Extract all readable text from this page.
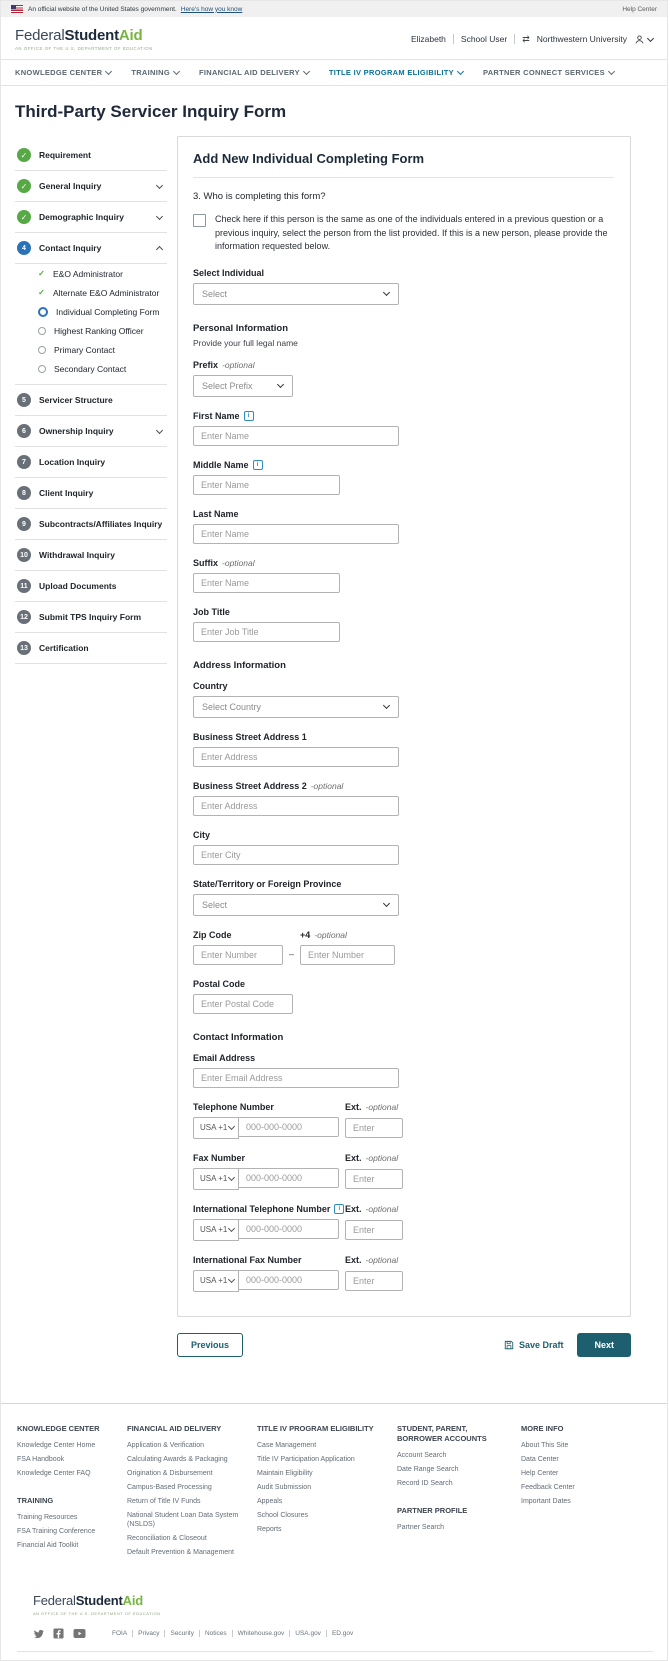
An official website of the United States government. Here's how you know	Help Center
FederalStudentAid
AN OFFICE OF THE U.S. DEPARTMENT OF EDUCATION
Elizabeth School User ⇄ Northwestern University
KNOWLEDGE CENTER	TRAINING	FINANCIAL AID DELIVERY	TITLE IV PROGRAM ELIGIBILITY	PARTNER CONNECT SERVICES
Third-Party Servicer Inquiry Form
✓ Requirement
✓ General Inquiry
✓ Demographic Inquiry
4	Contact Inquiry
✓ E&O Administrator
✓ Alternate E&O Administrator
Individual Completing Form
Highest Ranking Officer
Primary Contact
Secondary Contact
5	Servicer Structure
6	Ownership Inquiry
7	Location Inquiry
8	Client Inquiry
9	Subcontracts/Affiliates Inquiry
10	Withdrawal Inquiry
11	Upload Documents
12	Submit TPS Inquiry Form
13	Certification
Add New Individual Completing Form
3. Who is completing this form?
Check here if this person is the same as one of the individuals entered in a previous question or a previous inquiry, select the person from the list provided. If this is a new person, please provide the information requested below.
Select Individual
Select
Personal Information
Provide your full legal name
Prefix -optional
Select Prefix
First Name	i
Enter Name
Middle Name	i
Enter Name
Last Name
Enter Name
Suffix -optional
Enter Name
Job Title
Enter Job Title
Address Information
Country
Select Country
Business Street Address 1
Enter Address
Business Street Address 2 -optional
Enter Address
City
Enter City
State/Territory or Foreign Province
Select
Zip Code
Enter Number
–
+4 -optional
Enter Number
Postal Code
Enter Postal Code
Contact Information
Email Address
Enter Email Address
Telephone Number	Ext. -optional
USA +1
000-000-0000
Enter
Fax Number	Ext. -optional
USA +1
000-000-0000
Enter
International Telephone Number	i Ext. -optional
USA +1
000-000-0000
Enter
International Fax Number	Ext. -optional
USA +1
000-000-0000
Enter
Previous	Save Draft	Next
KNOWLEDGE CENTER
Knowledge Center Home
FSA Handbook
Knowledge Center FAQ
TRAINING
Training Resources
FSA Training Conference
Financial Aid Toolkit
FINANCIAL AID DELIVERY
Application & Verification
Calculating Awards & Packaging
Origination & Disbursement
Campus-Based Processing
Return of Title IV Funds
National Student Loan Data System (NSLDS)
Reconciliation & Closeout
Default Prevention & Management
TITLE IV PROGRAM ELIGIBILITY
Case Management
Title IV Participation Application
Maintain Eligibility
Audit Submission
Appeals
School Closures
Reports
STUDENT, PARENT, BORROWER ACCOUNTS
Account Search
Date Range Search
Record ID Search
PARTNER PROFILE
Partner Search
MORE INFO
About This Site
Data Center
Help Center
Feedback Center
Important Dates
FederalStudentAid
AN OFFICE OF THE U.S. DEPARTMENT OF EDUCATION
FOIA	Privacy	Security	Notices	Whitehouse.gov	USA.gov	ED.gov
